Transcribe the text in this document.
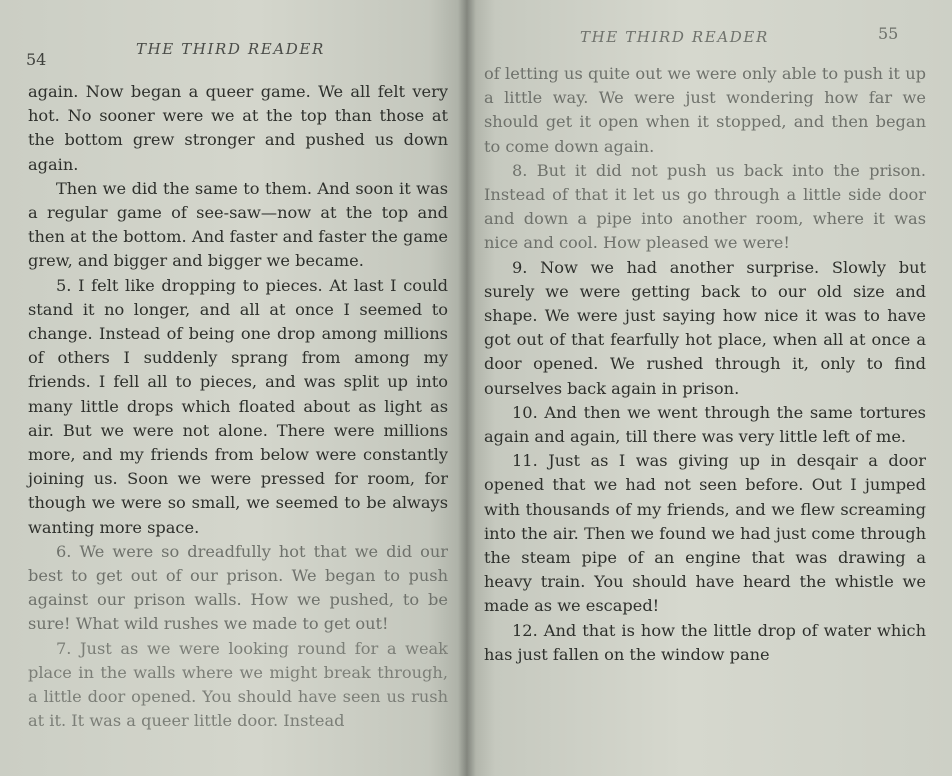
54
THE THIRD READER

again. Now began a queer game. We all felt very hot. No sooner were we at the top than those at the bottom grew stronger and pushed us down again.

Then we did the same to them. And soon it was a regular game of see-saw—now at the top and then at the bottom. And faster and faster the game grew, and bigger and bigger we became.

5. I felt like dropping to pieces. At last I could stand it no longer, and all at once I seemed to change. Instead of being one drop among millions of others I suddenly sprang from among my friends. I fell all to pieces, and was split up into many little drops which floated about as light as air. But we were not alone. There were millions more, and my friends from below were constantly joining us. Soon we were pressed for room, for though we were so small, we seemed to be always wanting more space.

6. We were so dreadfully hot that we did our best to get out of our prison. We began to push against our prison walls. How we pushed, to be sure! What wild rushes we made to get out!

7. Just as we were looking round for a weak place in the walls where we might break through, a little door opened. You should have seen us rush at it. It was a queer little door. Instead

THE THIRD READER	55

of letting us quite out we were only able to push it up a little way. We were just wondering how far we should get it open when it stopped, and then began to come down again.

8. But it did not push us back into the prison. Instead of that it let us go through a little side door and down a pipe into another room, where it was nice and cool. How pleased we were!

9. Now we had another surprise. Slowly but surely we were getting back to our old size and shape. We were just saying how nice it was to have got out of that fearfully hot place, when all at once a door opened. We rushed through it, only to find ourselves back again in prison.

10. And then we went through the same tortures again and again, till there was very little left of me.

11. Just as I was giving up in desqair a door opened that we had not seen before. Out I jumped with thousands of my friends, and we flew screaming into the air. Then we found we had just come through the steam pipe of an engine that was drawing a heavy train. You should have heard the whistle we made as we escaped!

12. And that is how the little drop of water which has just fallen on the window pane
